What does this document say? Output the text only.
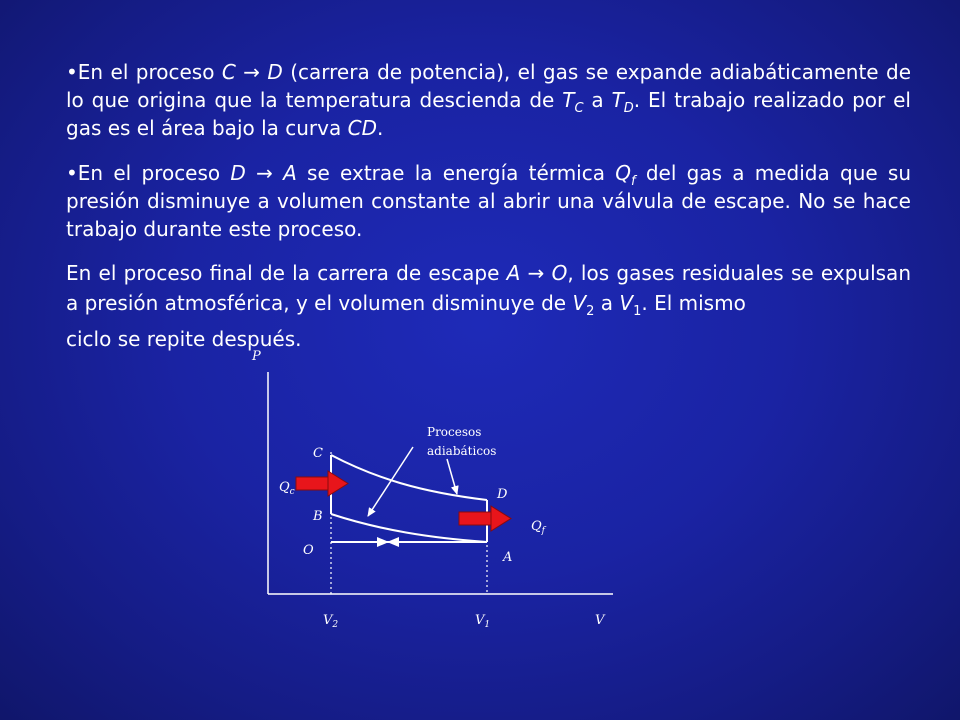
•En el proceso C → D (carrera de potencia), el gas se expande adiabáticamente de lo que origina que la temperatura descienda de $T_C$ a $T_D$. El trabajo realizado por el gas es el área bajo la curva CD.
•En el proceso D → A se extrae la energía térmica $Q_f$ del gas a medida que su presión disminuye a volumen constante al abrir una válvula de escape. No se hace trabajo durante este proceso.
En el proceso final de la carrera de escape A → O, los gases residuales se expulsan a presión atmosférica, y el volumen disminuye de $V_2$ a $V_1$. El mismo
ciclo se repite después.
P
V
C
D
B
O	A
$Q_c$
$Q_f$
$V_2$	$V_1$
Procesos
adiabáticos
